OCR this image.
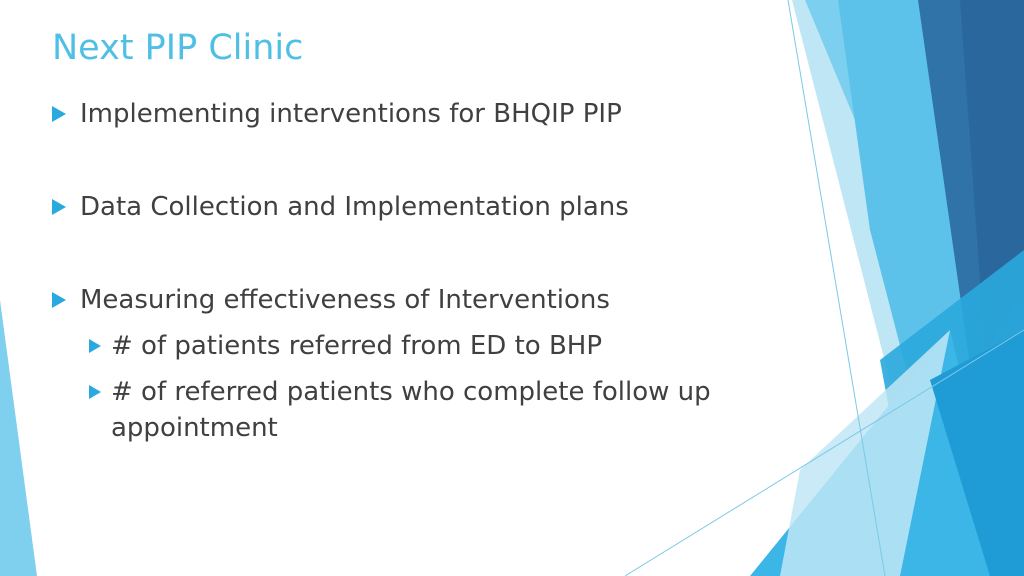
Next PIP Clinic
Implementing interventions for BHQIP PIP
Data Collection and Implementation plans
Measuring effectiveness of Interventions
# of patients referred from ED to BHP
# of referred patients who complete follow up appointment
